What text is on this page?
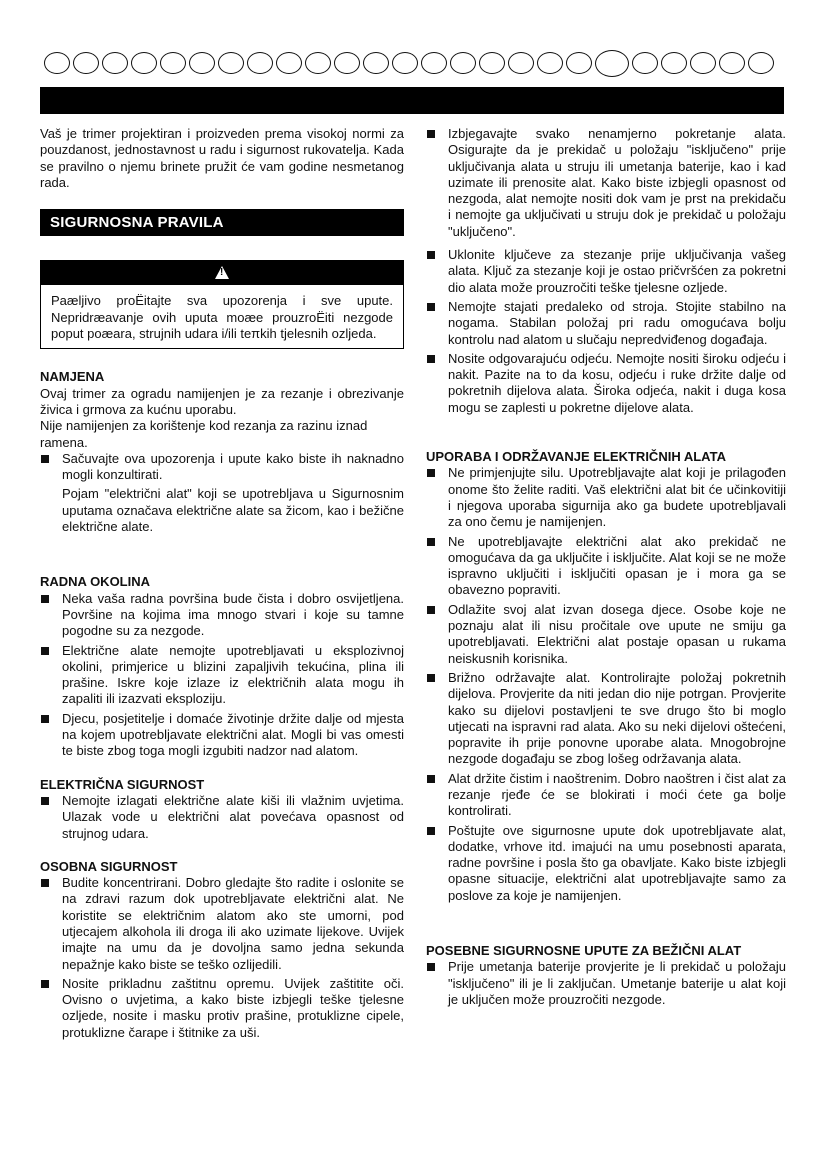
Vaš je trimer projektiran i proizveden prema visokoj normi za pouzdanost, jednostavnost u radu i sigurnost rukovatelja. Kada se pravilno o njemu brinete pružit će vam godine nesmetanog rada.

SIGURNOSNA PRAVILA
!

Paæljivo proËitajte sva upozorenja i sve upute. Nepridræavanje ovih uputa moæe prouzroËiti nezgode poput poæara, strujnih udara i/ili teπkih tjelesnih ozljeda.

NAMJENA

Ovaj trimer za ogradu namijenjen je za rezanje i obrezivanje živica i grmova za kućnu uporabu.

Nije namijenjen za korištenje kod rezanja za razinu iznad ramena.

Sačuvajte ova upozorenja i upute kako biste ih naknadno mogli konzultirati.
Pojam "električni alat" koji se upotrebljava u Sigurnosnim uputama označava električne alate sa žicom, kao i bežične električne alate.
RADNA OKOLINA
Neka vaša radna površina bude čista i dobro osvijetljena. Površine na kojima ima mnogo stvari i koje su tamne pogodne su za nezgode.
Električne alate nemojte upotrebljavati u eksplozivnoj okolini, primjerice u blizini zapaljivih tekućina, plina ili prašine. Iskre koje izlaze iz električnih alata mogu ih zapaliti ili izazvati eksploziju.
Djecu, posjetitelje i domaće životinje držite dalje od mjesta na kojem upotrebljavate električni alat. Mogli bi vas omesti te biste zbog toga mogli izgubiti nadzor nad alatom.
ELEKTRIČNA SIGURNOST
Nemojte izlagati električne alate kiši ili vlažnim uvjetima. Ulazak vode u električni alat povećava opasnost od strujnog udara.
OSOBNA SIGURNOST
Budite koncentrirani. Dobro gledajte što radite i oslonite se na zdravi razum dok upotrebljavate električni alat. Ne koristite se električnim alatom ako ste umorni, pod utjecajem alkohola ili droga ili ako uzimate lijekove. Uvijek imajte na umu da je dovoljna samo jedna sekunda nepažnje kako biste se teško ozlijedili.
Nosite prikladnu zaštitnu opremu. Uvijek zaštitite oči. Ovisno o uvjetima, a kako biste izbjegli teške tjelesne ozljede, nosite i masku protiv prašine, protuklizne cipele, protuklizne čarape i štitnike za uši.
Izbjegavajte svako nenamjerno pokretanje alata. Osigurajte da je prekidač u položaju "isključeno" prije uključivanja alata u struju ili umetanja baterije, kao i kad uzimate ili prenosite alat. Kako biste izbjegli opasnost od nezgoda, alat nemojte nositi dok vam je prst na prekidaču i nemojte ga uključivati u struju dok je prekidač u položaju "uključeno".
Uklonite ključeve za stezanje prije uključivanja vašeg alata. Ključ za stezanje koji je ostao pričvršćen za pokretni dio alata može prouzročiti teške tjelesne ozljede.
Nemojte stajati predaleko od stroja. Stojite stabilno na nogama. Stabilan položaj pri radu omogućava bolju kontrolu nad alatom u slučaju nepredviđenog događaja.
Nosite odgovarajuću odjeću. Nemojte nositi široku odjeću i nakit. Pazite na to da kosu, odjeću i ruke držite dalje od pokretnih dijelova alata. Široka odjeća, nakit i duga kosa mogu se zaplesti u pokretne dijelove alata.
UPORABA I ODRŽAVANJE ELEKTRIČNIH ALATA
Ne primjenjujte silu. Upotrebljavajte alat koji je prilagođen onome što želite raditi. Vaš električni alat bit će učinkovitiji i njegova uporaba sigurnija ako ga budete upotrebljavali za ono čemu je namijenjen.
Ne upotrebljavajte električni alat ako prekidač ne omogućava da ga uključite i isključite. Alat koji se ne može ispravno uključiti i isključiti opasan je i mora ga se obavezno popraviti.
Odlažite svoj alat izvan dosega djece. Osobe koje ne poznaju alat ili nisu pročitale ove upute ne smiju ga upotrebljavati. Električni alat postaje opasan u rukama neiskusnih korisnika.
Brižno održavajte alat. Kontrolirajte položaj pokretnih dijelova. Provjerite da niti jedan dio nije potrgan. Provjerite kako su dijelovi postavljeni te sve drugo što bi moglo utjecati na ispravni rad alata. Ako su neki dijelovi oštećeni, popravite ih prije ponovne uporabe alata. Mnogobrojne nezgode događaju se zbog lošeg održavanja alata.
Alat držite čistim i naoštrenim. Dobro naoštren i čist alat za rezanje rjeđe će se blokirati i moći ćete ga bolje kontrolirati.
Poštujte ove sigurnosne upute dok upotrebljavate alat, dodatke, vrhove itd. imajući na umu posebnosti aparata, radne površine i posla što ga obavljate. Kako biste izbjegli opasne situacije, električni alat upotrebljavajte samo za poslove za koje je namijenjen.
POSEBNE SIGURNOSNE UPUTE ZA BEŽIČNI ALAT
Prije umetanja baterije provjerite je li prekidač u položaju "isključeno" ili je li zaključan. Umetanje baterije u alat koji je uključen može prouzročiti nezgode.
